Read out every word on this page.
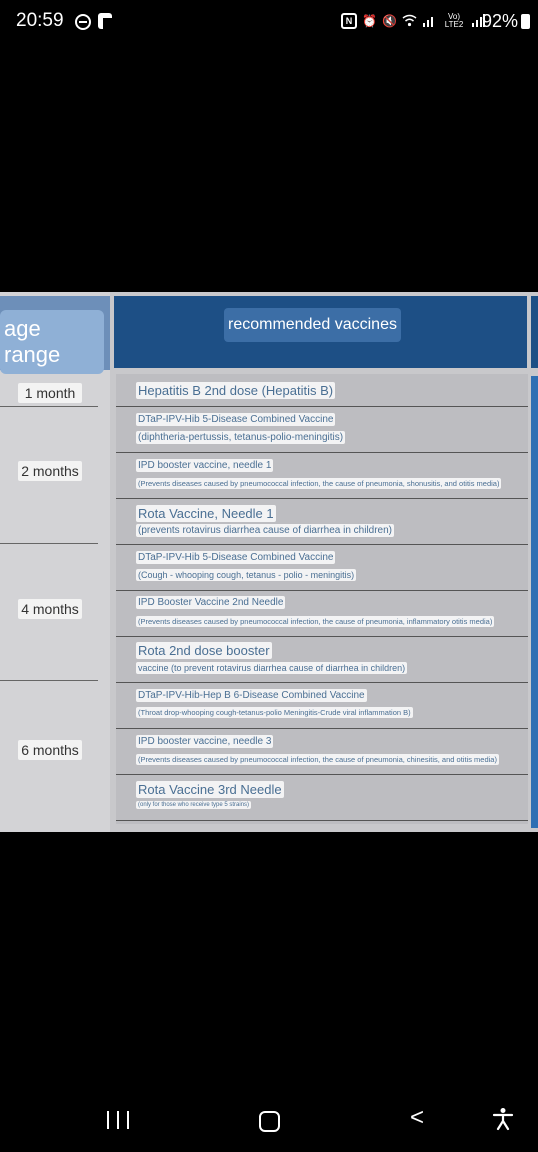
20:59	N ⏰ 🔇	Vo) LTE2 92%
age range
1 month
2 months
4 months
6 months
recommended vaccines
Hepatitis B 2nd dose (Hepatitis B)
DTaP-IPV-Hib 5-Disease Combined Vaccine
(diphtheria-pertussis, tetanus-polio-meningitis)
IPD booster vaccine, needle 1
(Prevents diseases caused by pneumococcal infection, the cause of pneumonia, shonusitis, and otitis media)
Rota Vaccine, Needle 1
(prevents rotavirus diarrhea cause of diarrhea in children)
DTaP-IPV-Hib 5-Disease Combined Vaccine
(Cough - whooping cough, tetanus - polio - meningitis)
IPD Booster Vaccine 2nd Needle
(Prevents diseases caused by pneumococcal infection, the cause of pneumonia, inflammatory otitis media)
Rota 2nd dose booster
vaccine (to prevent rotavirus diarrhea cause of diarrhea in children)
DTaP-IPV-Hib-Hep B 6-Disease Combined Vaccine
(Throat drop-whooping cough-tetanus-polio Meningitis-Crude viral inflammation B)
IPD booster vaccine, needle 3
(Prevents diseases caused by pneumococcal infection, the cause of pneumonia, chinesitis, and otitis media)
Rota Vaccine 3rd Needle
(only for those who receive type 5 strains)
<
